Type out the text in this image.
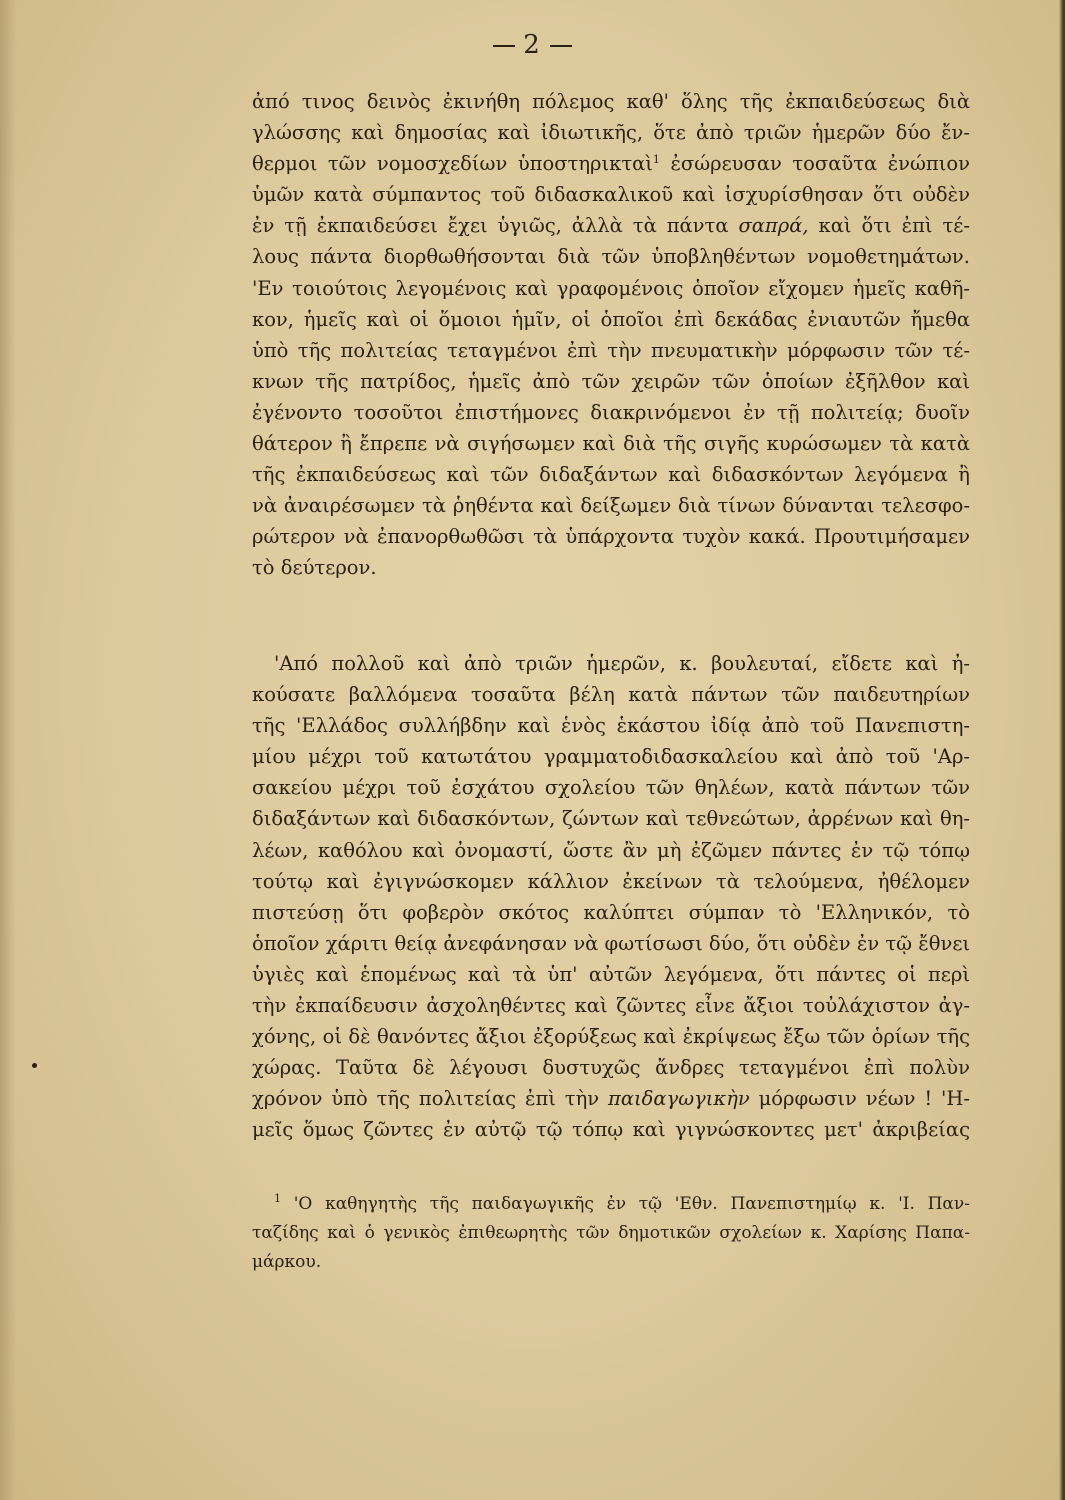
2
ἀπό τινος δεινὸς ἐκινήθη πόλεμος καθ' ὅλης τῆς ἐκπαιδεύσεως διὰ
γλώσσης καὶ δημοσίας καὶ ἰδιωτικῆς, ὅτε ἀπὸ τριῶν ἡμερῶν δύο ἔν-
θερμοι τῶν νομοσχεδίων ὑποστηρικταὶ$^1$ ἐσώρευσαν τοσαῦτα ἐνώπιον
ὑμῶν κατὰ σύμπαντος τοῦ διδασκαλικοῦ καὶ ἰσχυρίσθησαν ὅτι οὐδὲν
ἐν τῇ ἐκπαιδεύσει ἔχει ὑγιῶς, ἀλλὰ τὰ πάντα σαπρά, καὶ ὅτι ἐπὶ τέ-
λους πάντα διορθωθήσονται διὰ τῶν ὑποβληθέντων νομοθετημάτων.
'Εν τοιούτοις λεγομένοις καὶ γραφομένοις ὁποῖον εἴχομεν ἡμεῖς καθῆ-
κον, ἡμεῖς καὶ οἱ ὅμοιοι ἡμῖν, οἱ ὁποῖοι ἐπὶ δεκάδας ἐνιαυτῶν ἤμεθα
ὑπὸ τῆς πολιτείας τεταγμένοι ἐπὶ τὴν πνευματικὴν μόρφωσιν τῶν τέ-
κνων τῆς πατρίδος, ἡμεῖς ἀπὸ τῶν χειρῶν τῶν ὁποίων ἐξῆλθον καὶ
ἐγένοντο τοσοῦτοι ἐπιστήμονες διακρινόμενοι ἐν τῇ πολιτείᾳ; δυοῖν
θάτερον ἢ ἔπρεπε νὰ σιγήσωμεν καὶ διὰ τῆς σιγῆς κυρώσωμεν τὰ κατὰ
τῆς ἐκπαιδεύσεως καὶ τῶν διδαξάντων καὶ διδασκόντων λεγόμενα ἢ
νὰ ἀναιρέσωμεν τὰ ῥηθέντα καὶ δείξωμεν διὰ τίνων δύνανται τελεσφο-
ρώτερον νὰ ἐπανορθωθῶσι τὰ ὑπάρχοντα τυχὸν κακά. Προυτιμήσαμεν
τὸ δεύτερον.
'Από πολλοῦ καὶ ἀπὸ τριῶν ἡμερῶν, κ. βουλευταί, εἴδετε καὶ ἠ-
κούσατε βαλλόμενα τοσαῦτα βέλη κατὰ πάντων τῶν παιδευτηρίων
τῆς 'Ελλάδος συλλήβδην καὶ ἑνὸς ἑκάστου ἰδίᾳ ἀπὸ τοῦ Πανεπιστη-
μίου μέχρι τοῦ κατωτάτου γραμματοδιδασκαλείου καὶ ἀπὸ τοῦ 'Αρ-
σακείου μέχρι τοῦ ἐσχάτου σχολείου τῶν θηλέων, κατὰ πάντων τῶν
διδαξάντων καὶ διδασκόντων, ζώντων καὶ τεθνεώτων, ἀρρένων καὶ θη-
λέων, καθόλου καὶ ὀνομαστί, ὥστε ἂν μὴ ἐζῶμεν πάντες ἐν τῷ τόπῳ
τούτῳ καὶ ἐγιγνώσκομεν κάλλιον ἐκείνων τὰ τελούμενα, ἠθέλομεν
πιστεύσῃ ὅτι φοβερὸν σκότος καλύπτει σύμπαν τὸ 'Ελληνικόν, τὸ
ὁποῖον χάριτι θείᾳ ἀνεφάνησαν νὰ φωτίσωσι δύο, ὅτι οὐδὲν ἐν τῷ ἔθνει
ὑγιὲς καὶ ἑπομένως καὶ τὰ ὑπ' αὐτῶν λεγόμενα, ὅτι πάντες οἱ περὶ
τὴν ἐκπαίδευσιν ἀσχοληθέντες καὶ ζῶντες εἶνε ἄξιοι τοὐλάχιστον ἀγ-
χόνης, οἱ δὲ θανόντες ἄξιοι ἐξορύξεως καὶ ἐκρίψεως ἔξω τῶν ὁρίων τῆς
χώρας. Ταῦτα δὲ λέγουσι δυστυχῶς ἄνδρες τεταγμένοι ἐπὶ πολὺν
χρόνον ὑπὸ τῆς πολιτείας ἐπὶ τὴν παιδαγωγικὴν μόρφωσιν νέων ! 'Η-
μεῖς ὅμως ζῶντες ἐν αὐτῷ τῷ τόπῳ καὶ γιγνώσκοντες μετ' ἀκριβείας
$^1$ 'Ο καθηγητὴς τῆς παιδαγωγικῆς ἐν τῷ 'Εθν. Πανεπιστημίῳ κ. 'Ι. Παν-
ταζίδης καὶ ὁ γενικὸς ἐπιθεωρητὴς τῶν δημοτικῶν σχολείων κ. Χαρίσης Παπα-
μάρκου.
